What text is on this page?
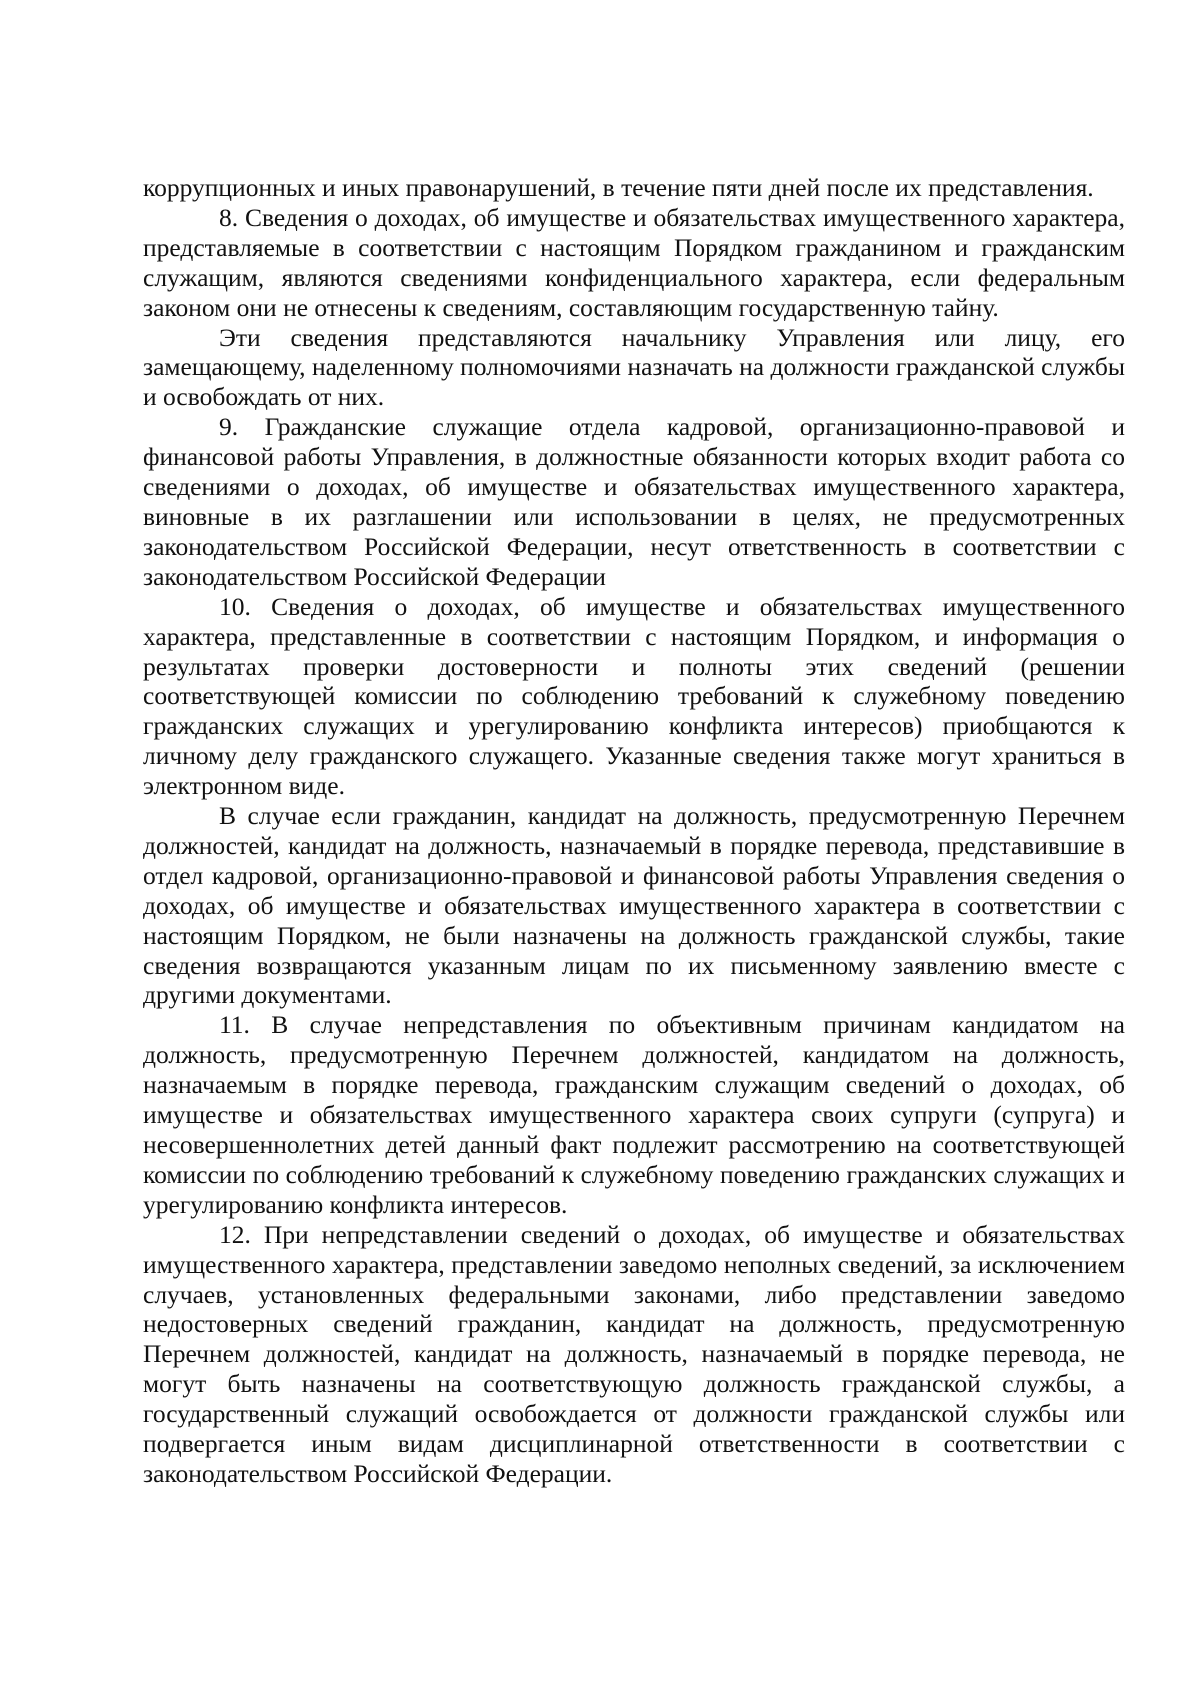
коррупционных и иных правонарушений, в течение пяти дней после их представления.

8. Сведения о доходах, об имуществе и обязательствах имущественного характера, представляемые в соответствии с настоящим Порядком гражданином и гражданским служащим, являются сведениями конфиденциального характера, если федеральным законом они не отнесены к сведениям, составляющим государственную тайну.

Эти сведения представляются начальнику Управления или лицу, его замещающему, наделенному полномочиями назначать на должности гражданской службы и освобождать от них.

9. Гражданские служащие отдела кадровой, организационно-правовой и финансовой работы Управления, в должностные обязанности которых входит работа со сведениями о доходах, об имуществе и обязательствах имущественного характера, виновные в их разглашении или использовании в целях, не предусмотренных законодательством Российской Федерации, несут ответственность в соответствии с законодательством Российской Федерации

10. Сведения о доходах, об имуществе и обязательствах имущественного характера, представленные в соответствии с настоящим Порядком, и информация о результатах проверки достоверности и полноты этих сведений (решении соответствующей комиссии по соблюдению требований к служебному поведению гражданских служащих и урегулированию конфликта интересов) приобщаются к личному делу гражданского служащего. Указанные сведения также могут храниться в электронном виде.

В случае если гражданин, кандидат на должность, предусмотренную Перечнем должностей, кандидат на должность, назначаемый в порядке перевода, представившие в отдел кадровой, организационно-правовой и финансовой работы Управления сведения о доходах, об имуществе и обязательствах имущественного характера в соответствии с настоящим Порядком, не были назначены на должность гражданской службы, такие сведения возвращаются указанным лицам по их письменному заявлению вместе с другими документами.

11. В случае непредставления по объективным причинам кандидатом на должность, предусмотренную Перечнем должностей, кандидатом на должность, назначаемым в порядке перевода, гражданским служащим сведений о доходах, об имуществе и обязательствах имущественного характера своих супруги (супруга) и несовершеннолетних детей данный факт подлежит рассмотрению на соответствующей комиссии по соблюдению требований к служебному поведению гражданских служащих и урегулированию конфликта интересов.

12. При непредставлении сведений о доходах, об имуществе и обязательствах имущественного характера, представлении заведомо неполных сведений, за исключением случаев, установленных федеральными законами, либо представлении заведомо недостоверных сведений гражданин, кандидат на должность, предусмотренную Перечнем должностей, кандидат на должность, назначаемый в порядке перевода, не могут быть назначены на соответствующую должность гражданской службы, а государственный служащий освобождается от должности гражданской службы или подвергается иным видам дисциплинарной ответственности в соответствии с законодательством Российской Федерации.
